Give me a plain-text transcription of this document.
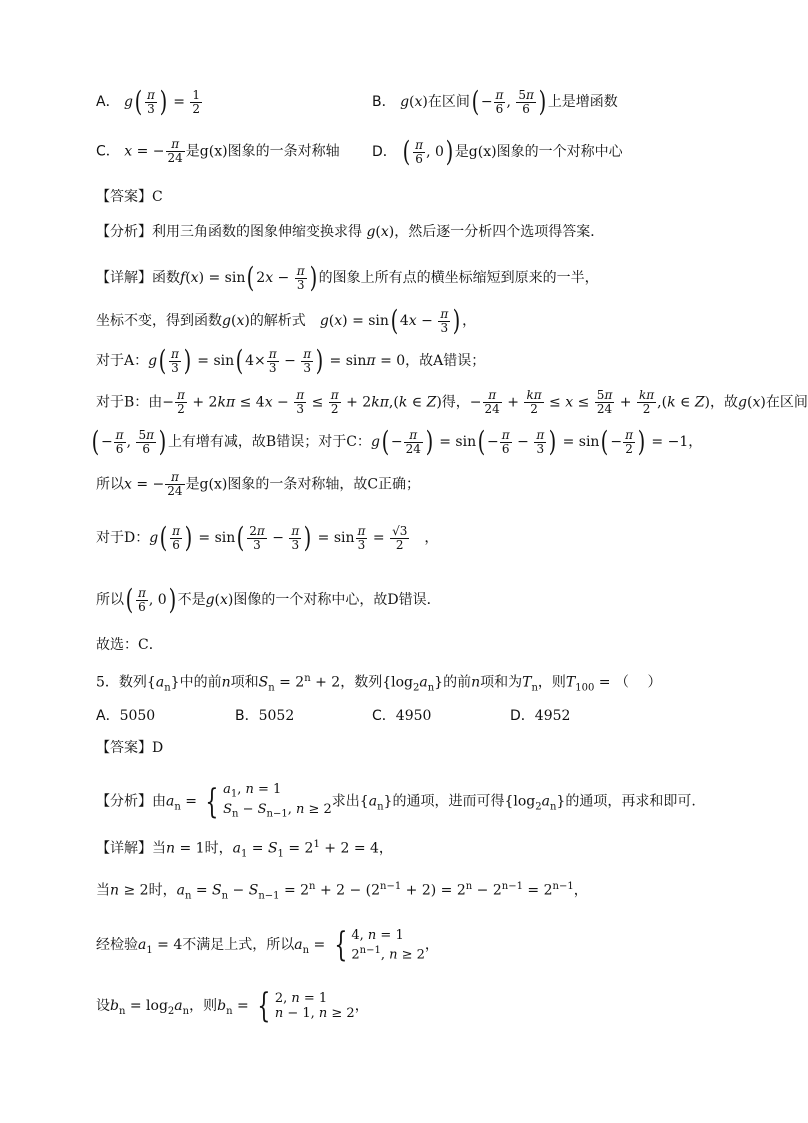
A． $g( \frac{\pi}{3}$ ) = $\frac{1}{2}$	B． g(x)在区间( − $\frac{\pi}{6}$ , $\frac{5\pi}{6}$ ) 上是增函数
C． x = − $\frac{\pi}{24}$ 是g(x)图象的一条对称轴 D． ( $\frac{\pi}{6}$ , 0) 是g(x)图象的一个对称中心
【答案】C
【分析】利用三角函数的图象伸缩变换求得 g(x)，然后逐一分析四个选项得答案．
【详解】函数f(x) = sin( $2x - \frac{\pi}{3}$ ) 的图象上所有点的横坐标缩短到原来的一半，
坐标不变，得到函数g(x)的解析式　 g(x) = sin( $4x - \frac{\pi}{3}$ ) ，
对于A：$g( \frac{\pi}{3}$ ) = sin( $4\times \frac{\pi}{3} - \frac{\pi}{3}$ ) = sinπ = 0，故A错误；
对于B：由− $\frac{\pi}{2} + 2k\pi \le 4x - \frac{\pi}{3} \le \frac{\pi}{2} + 2k\pi,(k$ ∈ Z)得，− $\frac{\pi}{24} + \frac{k\pi}{2} \le x \le \frac{5\pi}{24} + \frac{k\pi}{2} ,(k$ ∈ Z)，故g(x)在区间
( − $\frac{\pi}{6}$ , $\frac{5\pi}{6}$ ) 上有增有减，故B错误；对于C：$g( - \frac{\pi}{24}$ ) = $\sin( - \frac{\pi}{6} - \frac{\pi}{3}$ ) = $\sin( - \frac{\pi}{2}$ ) = −1，
所以x = − $\frac{\pi}{24}$ 是g(x)图象的一条对称轴，故C正确；
对于D：$g( \frac{\pi}{6}$ ) = $\sin( \frac{2\pi}{3} - \frac{\pi}{3}$ ) = $\sin \frac{\pi}{3} = \frac{√3}{2}$ 　，
所以( $\frac{\pi}{6}$ , 0) 不是g(x)图像的一个对称中心，故D错误．
故选：C．
5．数列$\{a_n\}$中的前n项和$S_n = 2^n + 2$，数列$\{\log_2a_n\}$的前n项和为$T_n$，则$T_{100}$ = （　 ）
A．5050	B．5052	C．4950	D．4952
【答案】D
【分析】由$a_n$ = { $a_1$, n = 1
$S_n - S_{n-1}$, n ≥ 2 求出$\{a_n\}$的通项，进而可得$\{\log_2a_n\}$的通项，再求和即可.
【详解】当n = 1时，$a_1 = S_1 = 2^1 + 2 = 4$，
当n ≥ 2时，$a_n = S_n - S_{n-1} = 2^n + 2 - (2^{n-1} + 2) = 2^n - 2^{n-1} = 2^{n-1}$，
经检验$a_1 = 4$不满足上式，所以$a_n$ = { 4, n = 1
$2^{n-1}$, n ≥ 2
，
设$b_n = \log_2a_n$，则$b_n$ = { 2, n = 1
n − 1, n ≥ 2 ，
